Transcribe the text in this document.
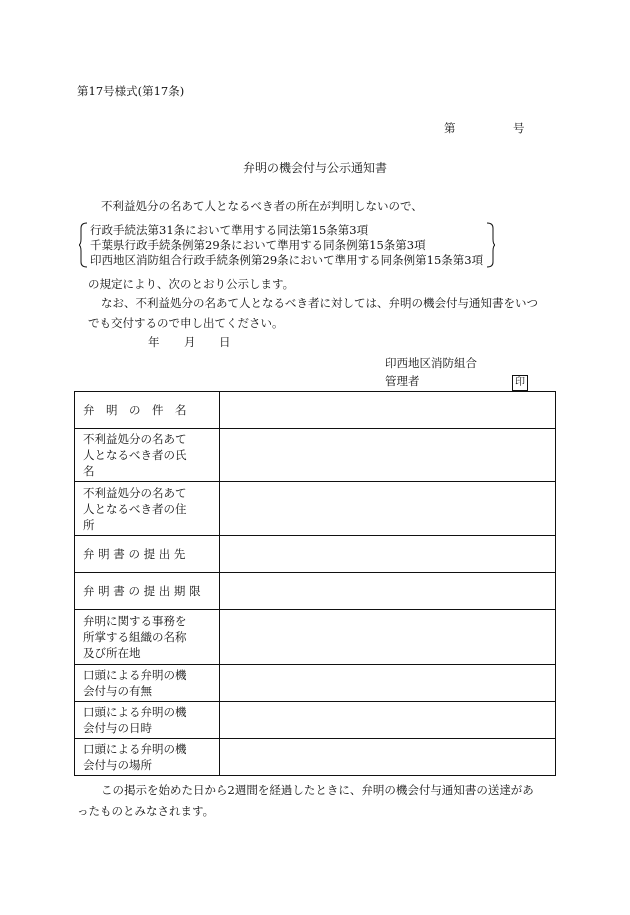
第17号様式(第17条)
第	号
弁明の機会付与公示通知書
不利益処分の名あて人となるべき者の所在が判明しないので、
行政手続法第31条において準用する同法第15条第3項
千葉県行政手続条例第29条において準用する同条例第15条第3項
印西地区消防組合行政手続条例第29条において準用する同条例第15条第3項
の規定により、次のとおり公示します。
なお、不利益処分の名あて人となるべき者に対しては、弁明の機会付与通知書をいつ
でも交付するので申し出てください。
年 月 日
印西地区消防組合
管理者	印
弁　明　の　件　名	

不利益処分の名あて
人となるべき者の氏
名	

不利益処分の名あて
人となるべき者の住
所	

弁 明 書 の 提 出 先	

弁 明 書 の 提 出 期 限	

弁明に関する事務を
所掌する組織の名称
及び所在地	

口頭による弁明の機
会付与の有無	

口頭による弁明の機
会付与の日時	

口頭による弁明の機
会付与の場所	

この掲示を始めた日から2週間を経過したときに、弁明の機会付与通知書の送達があ
ったものとみなされます。
